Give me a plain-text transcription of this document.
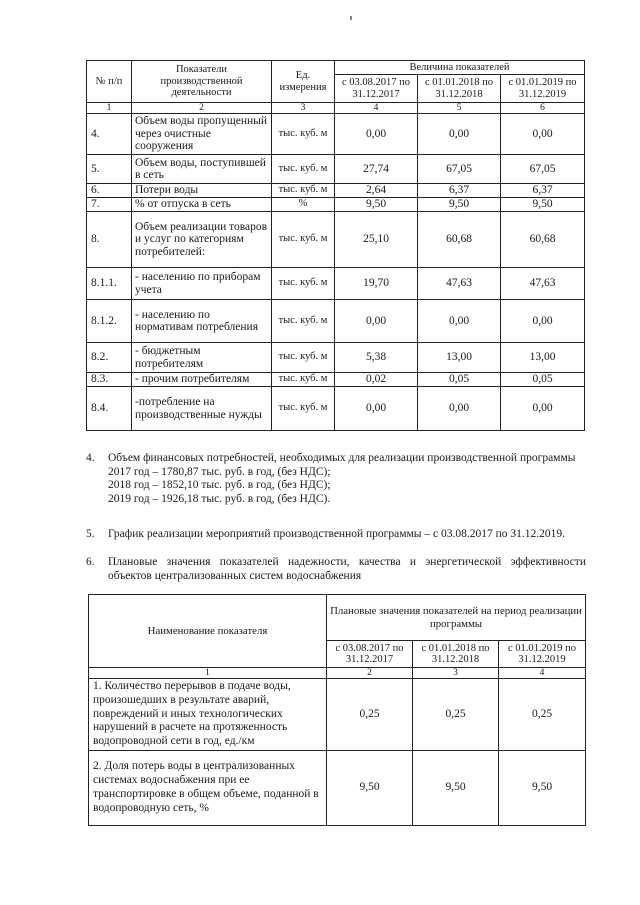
№ п/п	Показатели производственной деятельности	Ед. измерения	Величина показателей		
			с 03.08.2017 по 31.12.2017	с 01.01.2018 по 31.12.2018	с 01.01.2019 по 31.12.2019
1	2	3	4	5	6
4.	Объем воды пропущенный через очистные сооружения	тыс. куб. м	0,00	0,00	0,00
5.	Объем воды, поступившей в сеть	тыс. куб. м	27,74	67,05	67,05
6.	Потери воды	тыс. куб. м	2,64	6,37	6,37
7.	% от отпуска в сеть	%	9,50	9,50	9,50
8.	Объем реализации товаров и услуг по категориям потребителей:	тыс. куб. м	25,10	60,68	60,68
8.1.1.	- населению по приборам учета	тыс. куб. м	19,70	47,63	47,63
8.1.2.	- населению по нормативам потребления	тыс. куб. м	0,00	0,00	0,00
8.2.	- бюджетным потребителям	тыс. куб. м	5,38	13,00	13,00
8.3.	- прочим потребителям	тыс. куб. м	0,02	0,05	0,05
8.4.	-потребление на производственные нужды	тыс. куб. м	0,00	0,00	0,00
4. Объем финансовых потребностей, необходимых для реализации производственной программы
2017 год – 1780,87 тыс. руб. в год, (без НДС);
2018 год – 1852,10 тыс. руб. в год, (без НДС);
2019 год – 1926,18 тыс. руб. в год, (без НДС).
5. График реализации мероприятий производственной программы – с 03.08.2017 по 31.12.2019.
6. Плановые значения показателей надежности, качества и энергетической эффективности объектов централизованных систем водоснабжения
Наименование показателя	Плановые значения показателей на период реализации программы		
	с 03.08.2017 по 31.12.2017	с 01.01.2018 по 31.12.2018	с 01.01.2019 по 31.12.2019
1	2	3	4
1. Количество перерывов в подаче воды, произошедших в результате аварий, повреждений и иных технологических нарушений в расчете на протяженность водопроводной сети в год, ед./км	0,25	0,25	0,25
2. Доля потерь воды в централизованных системах водоснабжения при ее транспортировке в общем объеме, поданной в водопроводную сеть, %	9,50	9,50	9,50
